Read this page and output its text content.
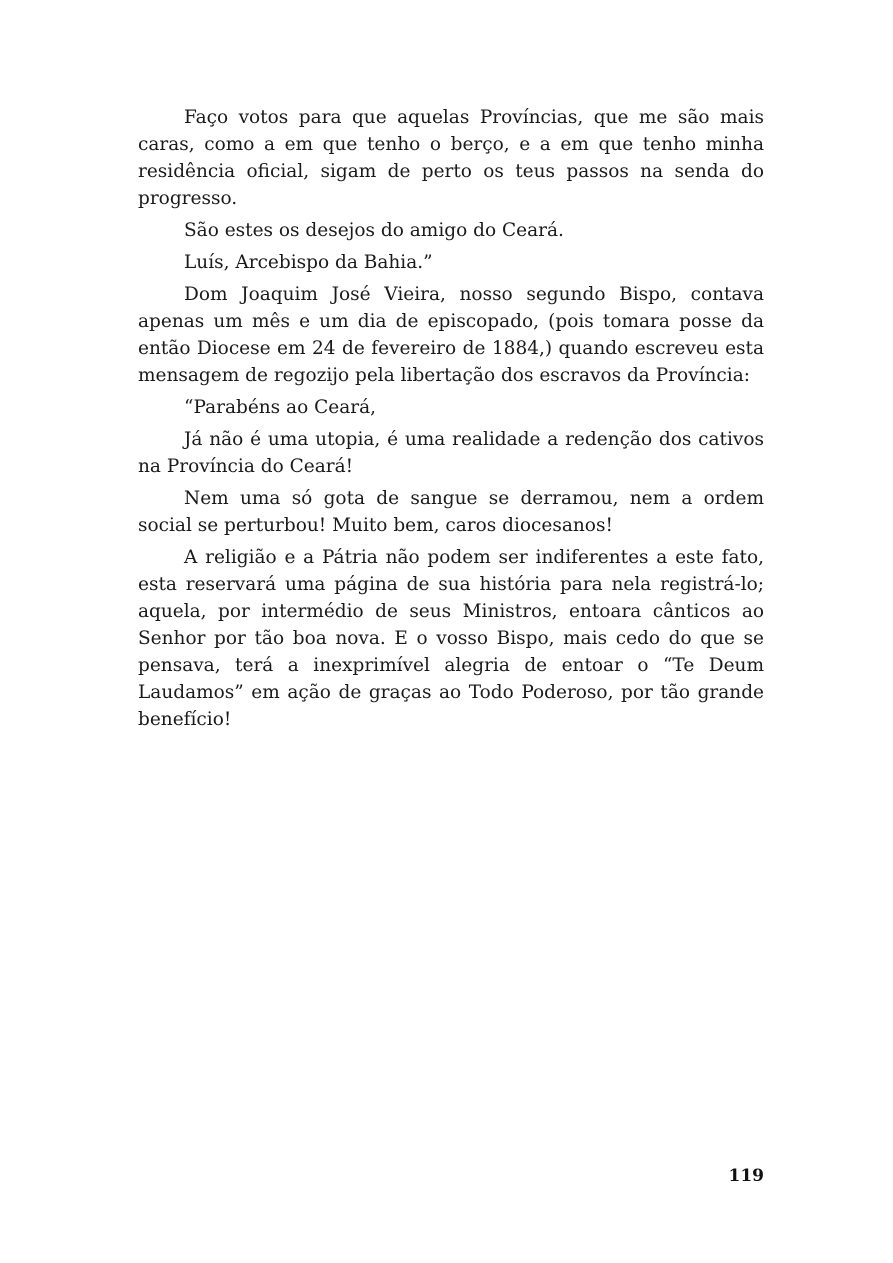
Faço votos para que aquelas Províncias, que me são mais caras, como a em que tenho o berço, e a em que tenho minha residência oficial, sigam de perto os teus passos na senda do progresso.

São estes os desejos do amigo do Ceará.

Luís, Arcebispo da Bahia.”

Dom Joaquim José Vieira, nosso segundo Bispo, contava apenas um mês e um dia de episcopado, (pois tomara posse da então Diocese em 24 de fevereiro de 1884,) quando escreveu esta mensagem de regozijo pela libertação dos escravos da Província:

“Parabéns ao Ceará,

Já não é uma utopia, é uma realidade a redenção dos cativos na Província do Ceará!

Nem uma só gota de sangue se derramou, nem a ordem social se perturbou! Muito bem, caros diocesanos!

A religião e a Pátria não podem ser indiferentes a este fato, esta reservará uma página de sua história para nela registrá-lo; aquela, por intermédio de seus Ministros, entoara cânticos ao Senhor por tão boa nova. E o vosso Bispo, mais cedo do que se pensava, terá a inexprimível alegria de entoar o “Te Deum Laudamos” em ação de graças ao Todo Poderoso, por tão grande benefício!

119
